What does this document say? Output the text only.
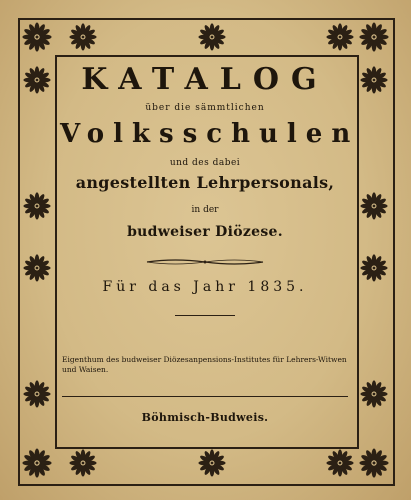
KATALOG
über die sämmtlichen
Volksschulen
und des dabei
angestellten Lehrpersonals,
in der
budweiser Diözese.
Für das Jahr 1835.
Eigenthum des budweiser Diözesanpensions-Institutes für Lehrers-Witwen
und Waisen.
Böhmisch-Budweis.
